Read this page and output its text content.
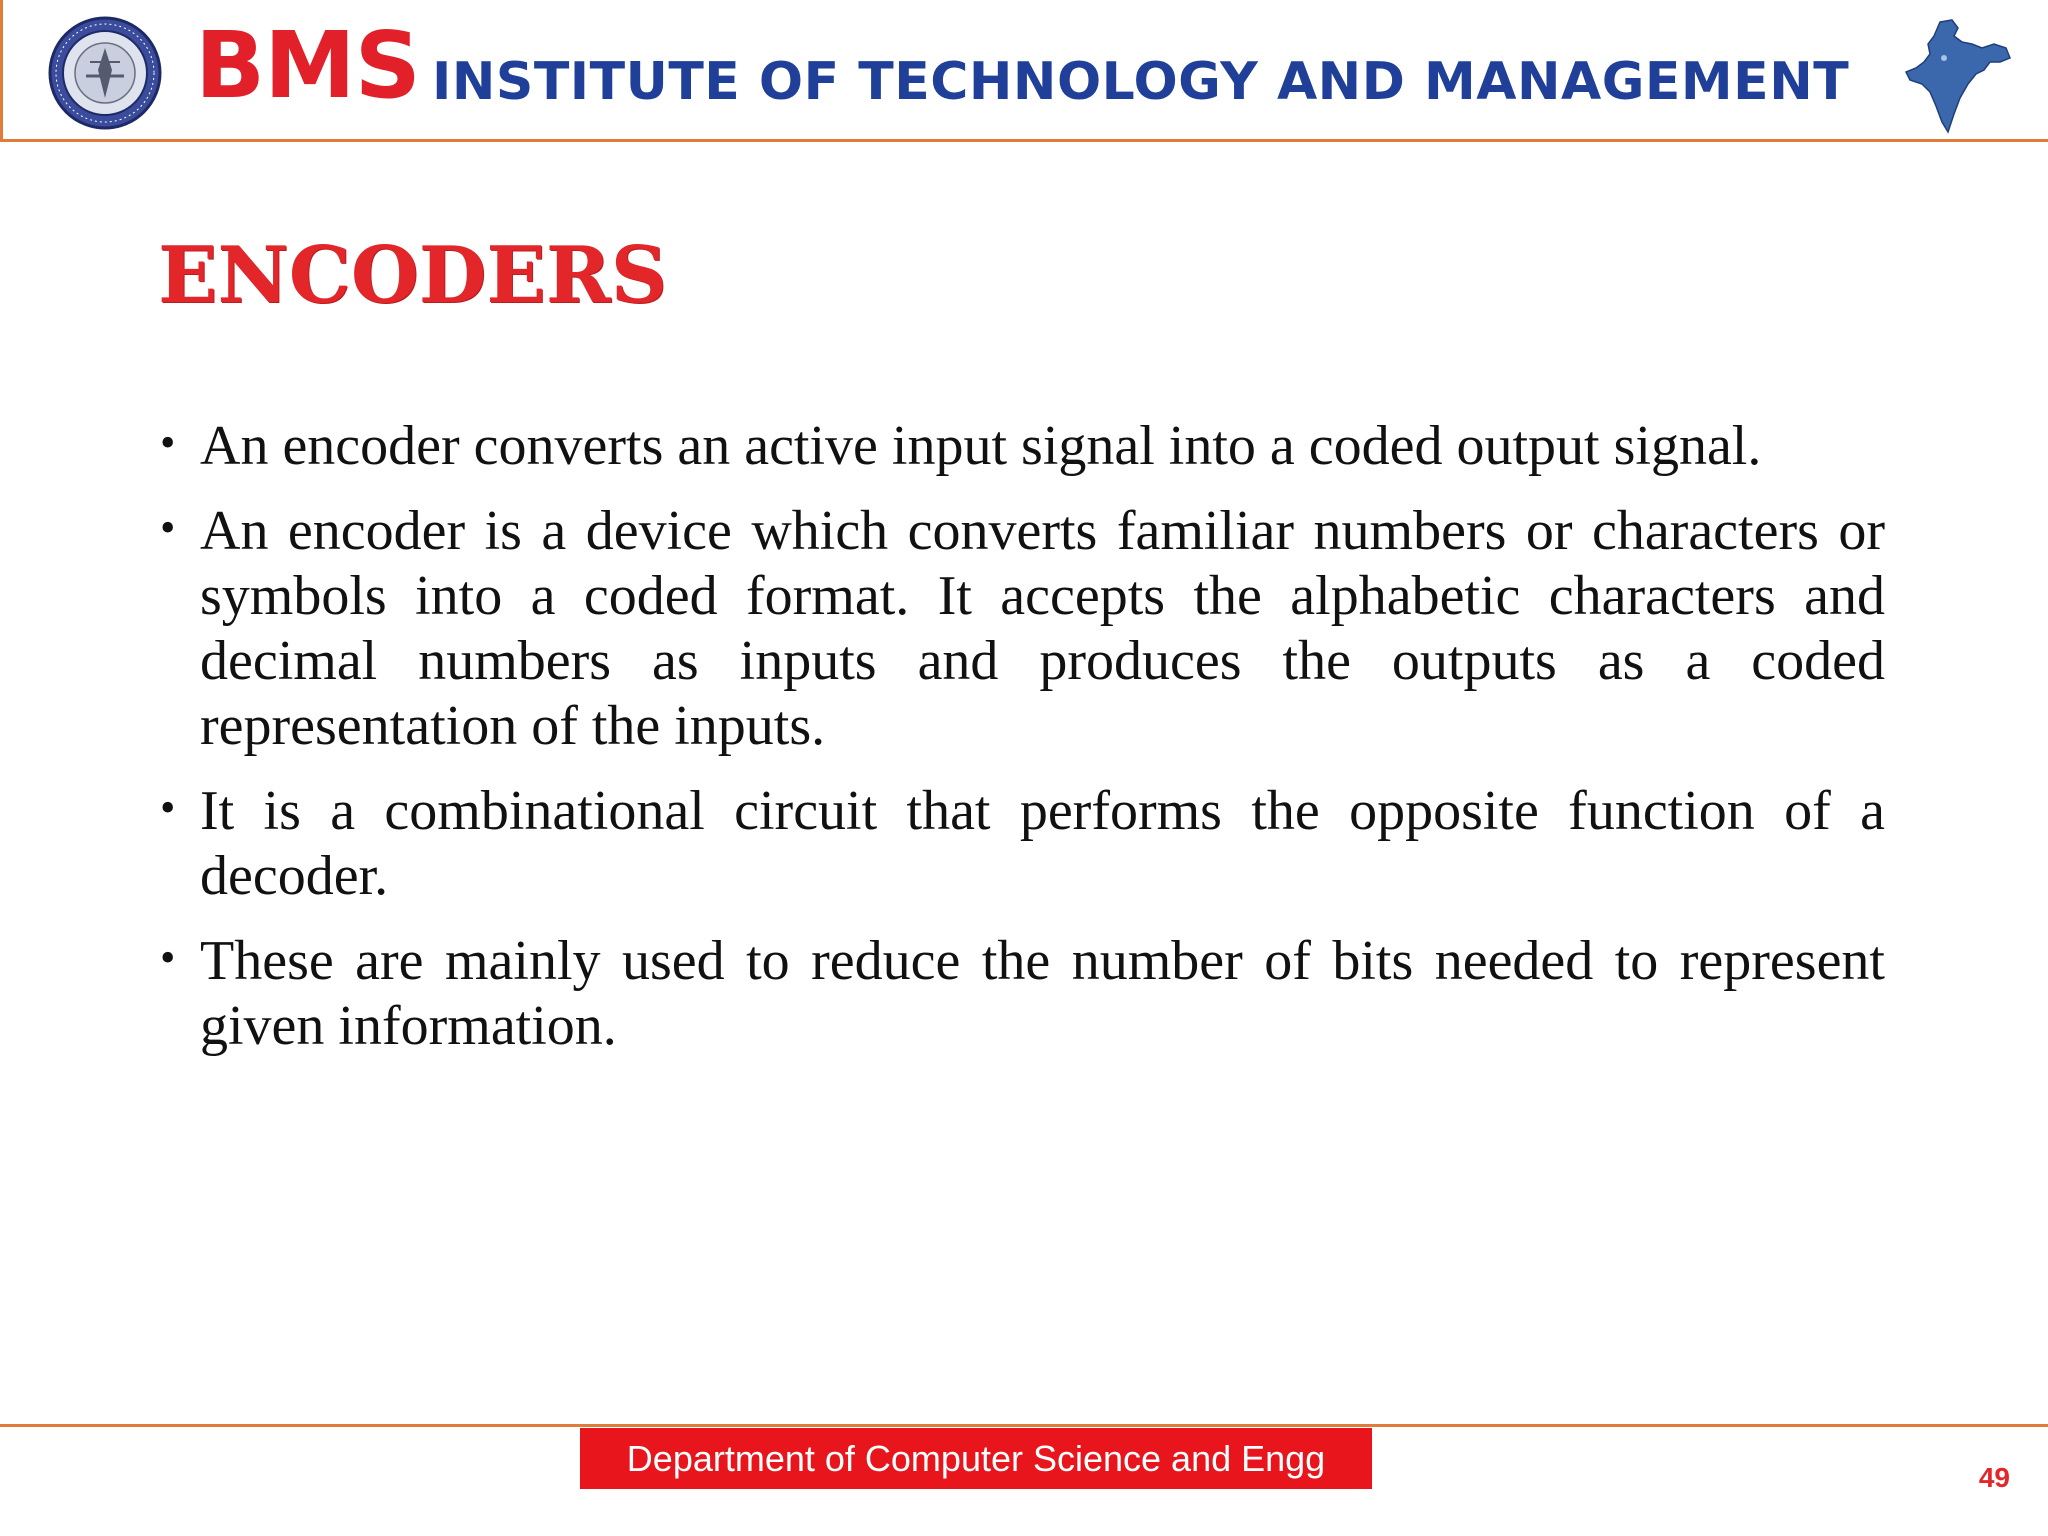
BMS INSTITUTE OF TECHNOLOGY AND MANAGEMENT
ENCODERS
• An encoder converts an active input signal into a coded output signal.
• An encoder is a device which converts familiar numbers or characters or symbols into a coded format. It accepts the alphabetic characters and decimal numbers as inputs and produces the outputs as a coded representation of the inputs.
• It is a combinational circuit that performs the opposite function of a decoder.
• These are mainly used to reduce the number of bits needed to represent given information.
Department of Computer Science and Engg	49
